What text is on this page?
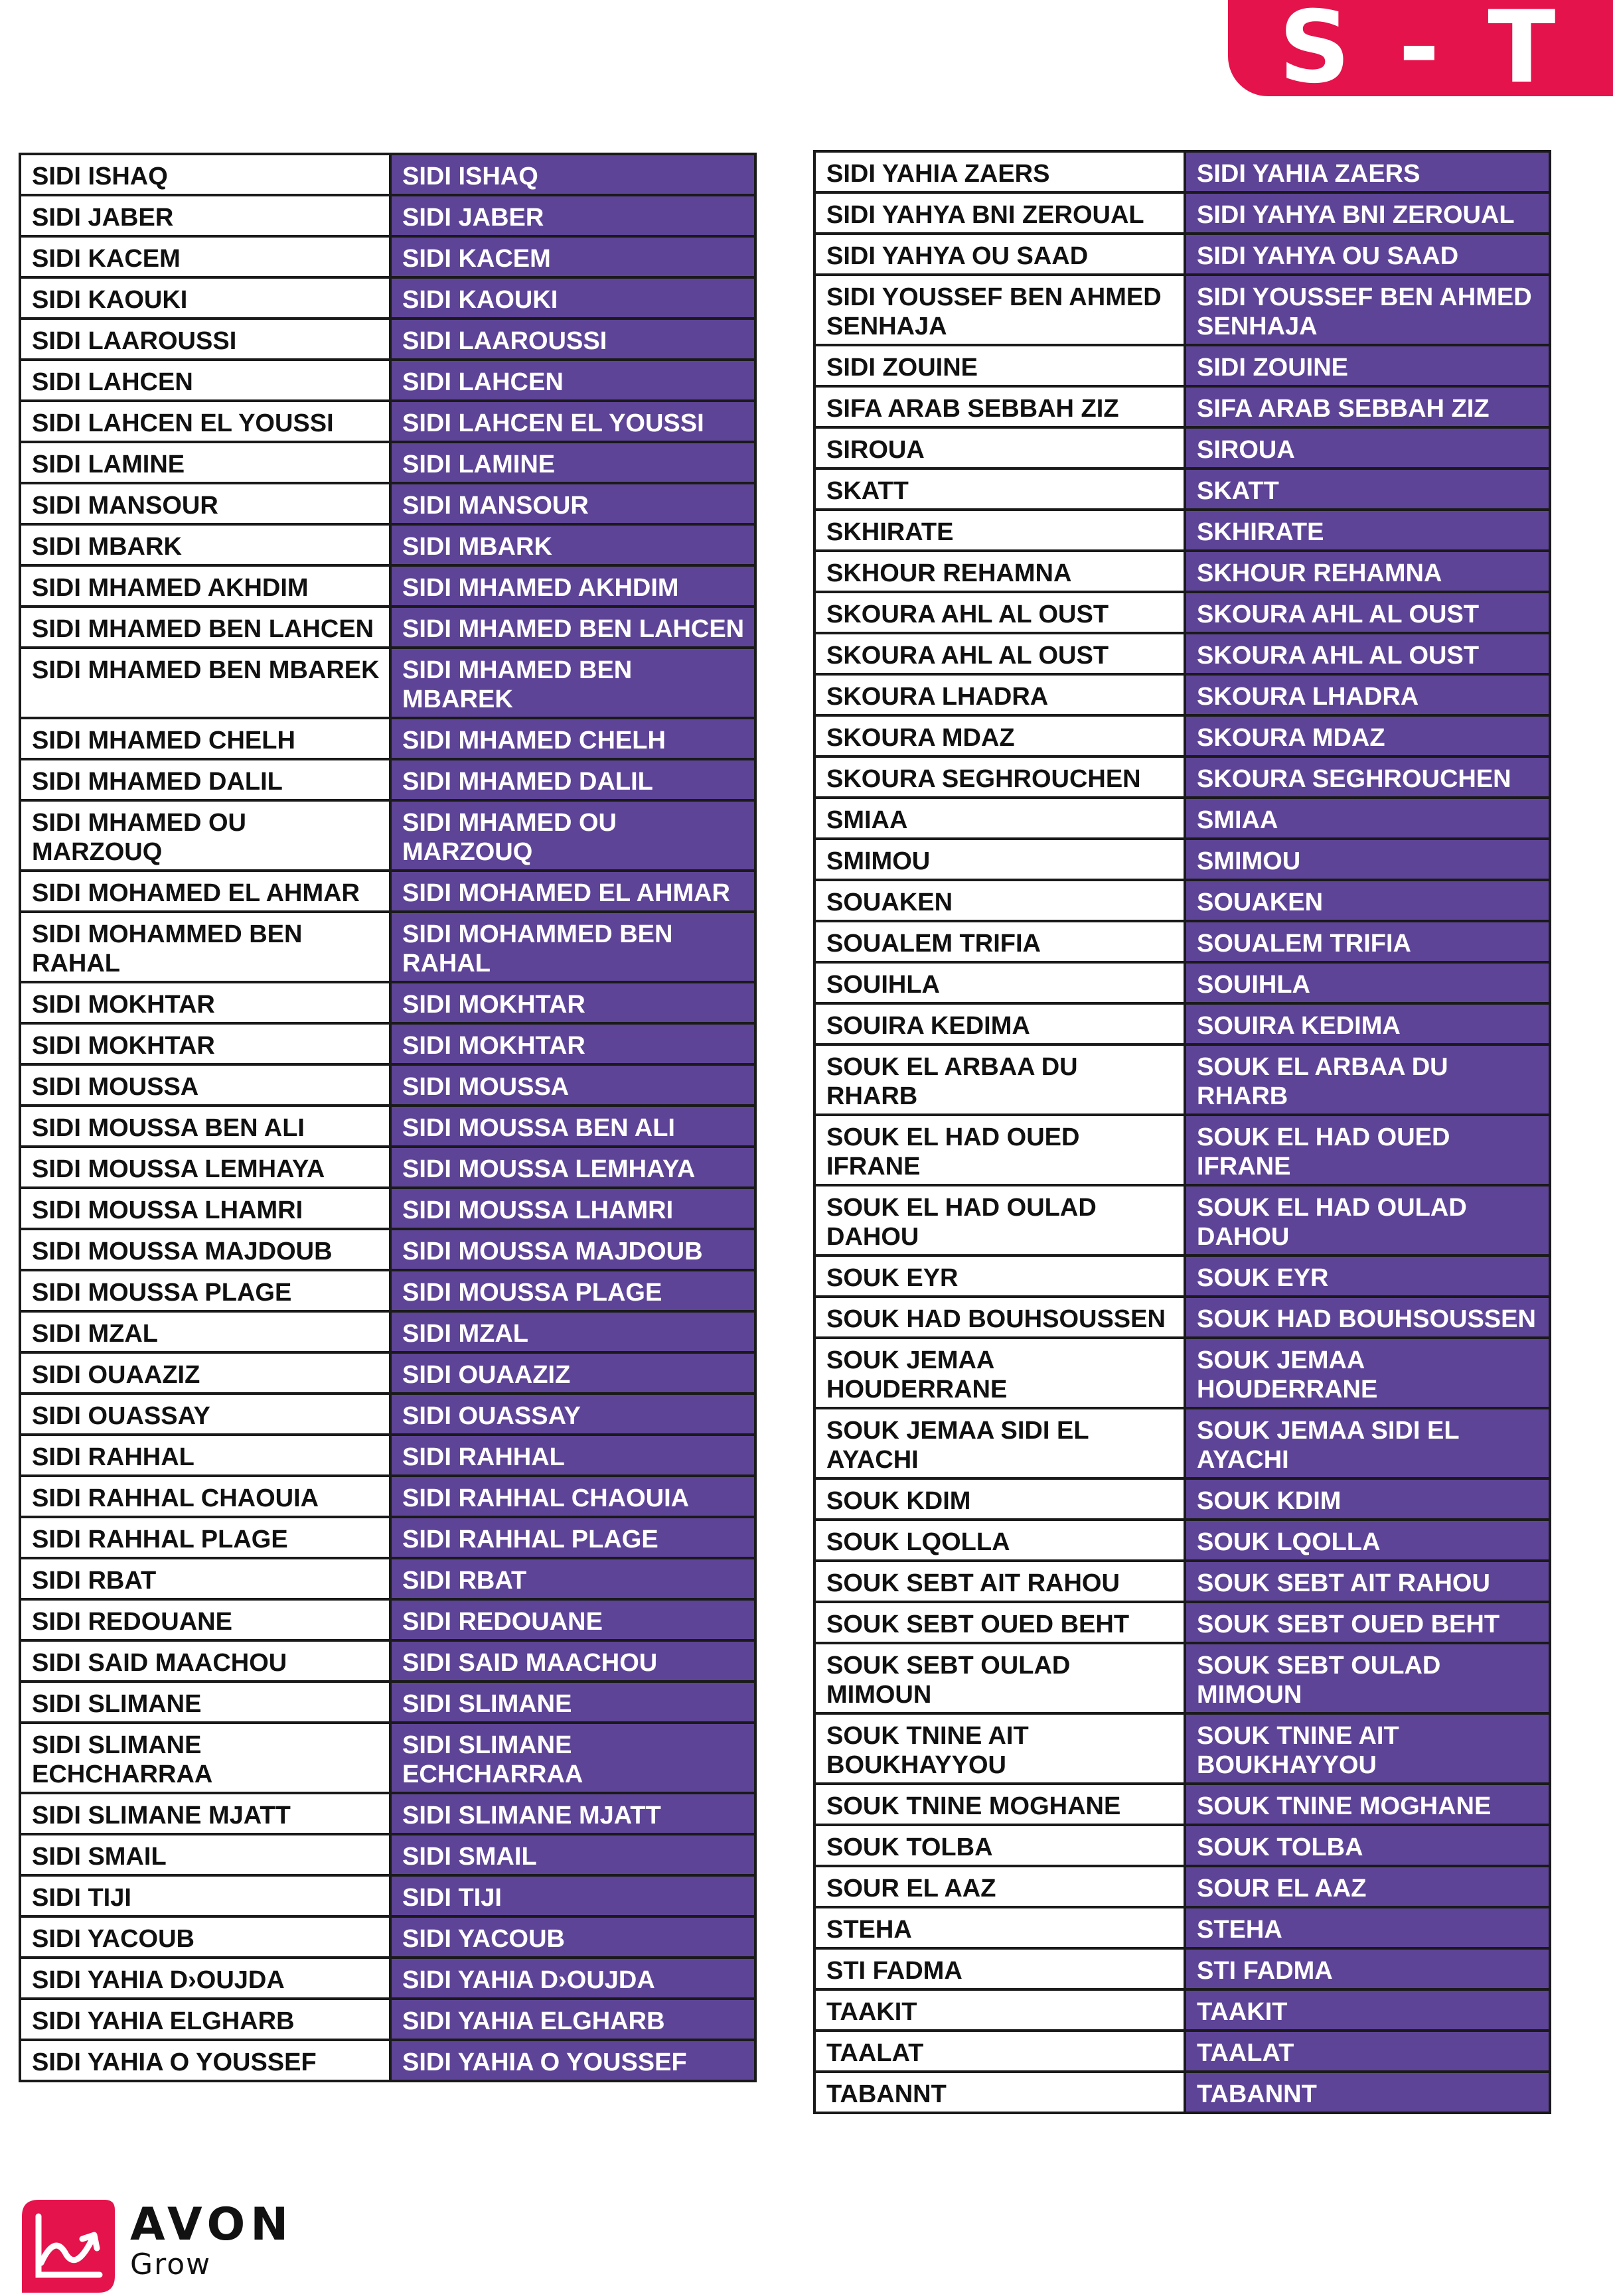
S - T
SIDI ISHAQ	SIDI ISHAQ
SIDI JABER	SIDI JABER
SIDI KACEM	SIDI KACEM
SIDI KAOUKI	SIDI KAOUKI
SIDI LAAROUSSI	SIDI LAAROUSSI
SIDI LAHCEN	SIDI LAHCEN
SIDI LAHCEN EL YOUSSI	SIDI LAHCEN EL YOUSSI
SIDI LAMINE	SIDI LAMINE
SIDI MANSOUR	SIDI MANSOUR
SIDI MBARK	SIDI MBARK
SIDI MHAMED AKHDIM	SIDI MHAMED AKHDIM
SIDI MHAMED BEN LAHCEN	SIDI MHAMED BEN LAHCEN
SIDI MHAMED BEN MBAREK	SIDI MHAMED BEN MBAREK
SIDI MHAMED CHELH	SIDI MHAMED CHELH
SIDI MHAMED DALIL	SIDI MHAMED DALIL
SIDI MHAMED OU MARZOUQ	SIDI MHAMED OU MARZOUQ
SIDI MOHAMED EL AHMAR	SIDI MOHAMED EL AHMAR
SIDI MOHAMMED BEN RAHAL	SIDI MOHAMMED BEN RAHAL
SIDI MOKHTAR	SIDI MOKHTAR
SIDI MOKHTAR	SIDI MOKHTAR
SIDI MOUSSA	SIDI MOUSSA
SIDI MOUSSA BEN ALI	SIDI MOUSSA BEN ALI
SIDI MOUSSA LEMHAYA	SIDI MOUSSA LEMHAYA
SIDI MOUSSA LHAMRI	SIDI MOUSSA LHAMRI
SIDI MOUSSA MAJDOUB	SIDI MOUSSA MAJDOUB
SIDI MOUSSA PLAGE	SIDI MOUSSA PLAGE
SIDI MZAL	SIDI MZAL
SIDI OUAAZIZ	SIDI OUAAZIZ
SIDI OUASSAY	SIDI OUASSAY
SIDI RAHHAL	SIDI RAHHAL
SIDI RAHHAL CHAOUIA	SIDI RAHHAL CHAOUIA
SIDI RAHHAL PLAGE	SIDI RAHHAL PLAGE
SIDI RBAT	SIDI RBAT
SIDI REDOUANE	SIDI REDOUANE
SIDI SAID MAACHOU	SIDI SAID MAACHOU
SIDI SLIMANE	SIDI SLIMANE
SIDI SLIMANE ECHCHARRAA	SIDI SLIMANE ECHCHARRAA
SIDI SLIMANE MJATT	SIDI SLIMANE MJATT
SIDI SMAIL	SIDI SMAIL
SIDI TIJI	SIDI TIJI
SIDI YACOUB	SIDI YACOUB
SIDI YAHIA D›OUJDA	SIDI YAHIA D›OUJDA
SIDI YAHIA ELGHARB	SIDI YAHIA ELGHARB
SIDI YAHIA O YOUSSEF	SIDI YAHIA O YOUSSEF
SIDI YAHIA ZAERS	SIDI YAHIA ZAERS
SIDI YAHYA BNI ZEROUAL	SIDI YAHYA BNI ZEROUAL
SIDI YAHYA OU SAAD	SIDI YAHYA OU SAAD
SIDI YOUSSEF BEN AHMED SENHAJA	SIDI YOUSSEF BEN AHMED SENHAJA
SIDI ZOUINE	SIDI ZOUINE
SIFA ARAB SEBBAH ZIZ	SIFA ARAB SEBBAH ZIZ
SIROUA	SIROUA
SKATT	SKATT
SKHIRATE	SKHIRATE
SKHOUR REHAMNA	SKHOUR REHAMNA
SKOURA AHL AL OUST	SKOURA AHL AL OUST
SKOURA AHL AL OUST	SKOURA AHL AL OUST
SKOURA LHADRA	SKOURA LHADRA
SKOURA MDAZ	SKOURA MDAZ
SKOURA SEGHROUCHEN	SKOURA SEGHROUCHEN
SMIAA	SMIAA
SMIMOU	SMIMOU
SOUAKEN	SOUAKEN
SOUALEM TRIFIA	SOUALEM TRIFIA
SOUIHLA	SOUIHLA
SOUIRA KEDIMA	SOUIRA KEDIMA
SOUK EL ARBAA DU RHARB	SOUK EL ARBAA DU RHARB
SOUK EL HAD OUED IFRANE	SOUK EL HAD OUED IFRANE
SOUK EL HAD OULAD DAHOU	SOUK EL HAD OULAD DAHOU
SOUK EYR	SOUK EYR
SOUK HAD BOUHSOUSSEN	SOUK HAD BOUHSOUSSEN
SOUK JEMAA HOUDERRANE	SOUK JEMAA HOUDERRANE
SOUK JEMAA SIDI EL AYACHI	SOUK JEMAA SIDI EL AYACHI
SOUK KDIM	SOUK KDIM
SOUK LQOLLA	SOUK LQOLLA
SOUK SEBT AIT RAHOU	SOUK SEBT AIT RAHOU
SOUK SEBT OUED BEHT	SOUK SEBT OUED BEHT
SOUK SEBT OULAD MIMOUN	SOUK SEBT OULAD MIMOUN
SOUK TNINE AIT BOUKHAYYOU	SOUK TNINE AIT BOUKHAYYOU
SOUK TNINE MOGHANE	SOUK TNINE MOGHANE
SOUK TOLBA	SOUK TOLBA
SOUR EL AAZ	SOUR EL AAZ
STEHA	STEHA
STI FADMA	STI FADMA
TAAKIT	TAAKIT
TAALAT	TAALAT
TABANNT	TABANNT
AVON
Grow
